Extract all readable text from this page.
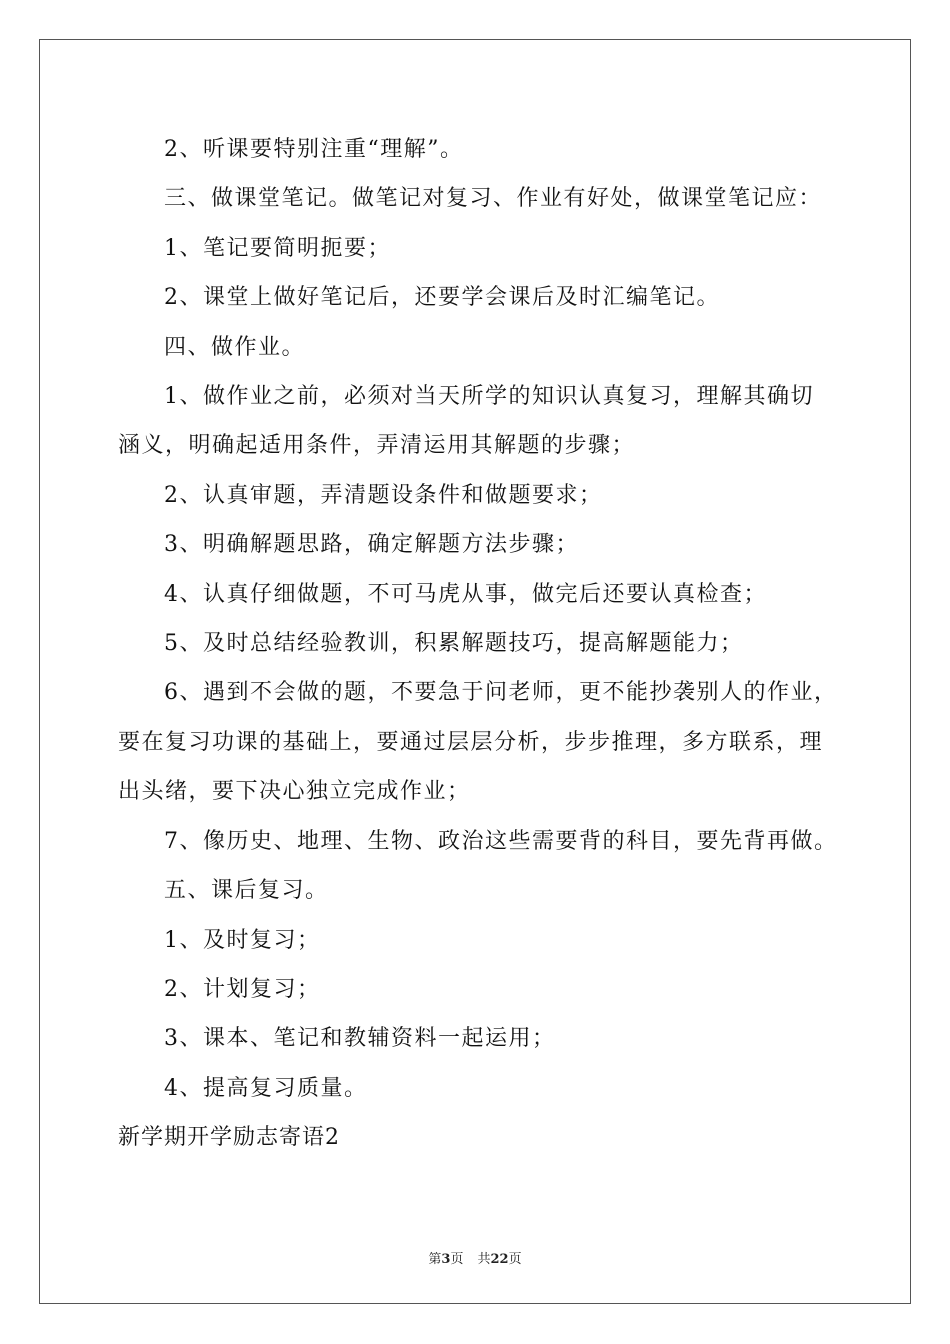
2、听课要特别注重“理解”。

三、做课堂笔记。做笔记对复习、作业有好处，做课堂笔记应：

1、笔记要简明扼要；

2、课堂上做好笔记后，还要学会课后及时汇编笔记。

四、做作业。

1、做作业之前，必须对当天所学的知识认真复习，理解其确切
涵义，明确起适用条件，弄清运用其解题的步骤；

2、认真审题，弄清题设条件和做题要求；

3、明确解题思路，确定解题方法步骤；

4、认真仔细做题，不可马虎从事，做完后还要认真检查；

5、及时总结经验教训，积累解题技巧，提高解题能力；

6、遇到不会做的题，不要急于问老师，更不能抄袭别人的作业，
要在复习功课的基础上，要通过层层分析，步步推理，多方联系，理
出头绪，要下决心独立完成作业；

7、像历史、地理、生物、政治这些需要背的科目，要先背再做。

五、课后复习。

1、及时复习；

2、计划复习；

3、课本、笔记和教辅资料一起运用；

4、提高复习质量。

新学期开学励志寄语2

第3页 共22页
